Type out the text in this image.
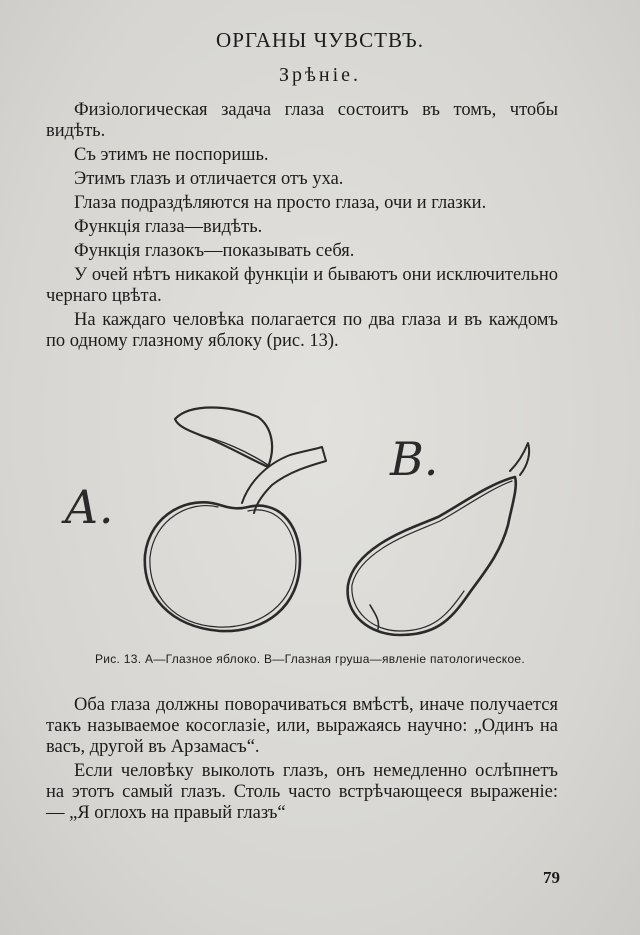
ОРГАНЫ ЧУВСТВЪ.
Зрѣніе.

Физіологическая задача глаза состоитъ въ томъ, чтобы видѣть.

Съ этимъ не поспоришь.

Этимъ глазъ и отличается отъ уха.

Глаза подраздѣляются на просто глаза, очи и глазки.

Функція глаза—видѣть.

Функція глазокъ—показывать себя.

У очей нѣтъ никакой функціи и бываютъ они исключительно чернаго цвѣта.

На каждаго человѣка полагается по два глаза и въ каждомъ по одному глазному яблоку (рис. 13).

А.
В.
Рис. 13. А—Глазное яблоко. В—Глазная груша—явленіе патологическое.

Оба глаза должны поворачиваться вмѣстѣ, иначе получается такъ называемое косоглазіе, или, выражаясь научно: „Одинъ на васъ, другой въ Арзамасъ“.

Если человѣку выколоть глазъ, онъ немедленно ослѣпнетъ на этотъ самый глазъ. Столь часто встрѣчающееся выраженіе: — „Я оглохъ на правый глазъ“

79
